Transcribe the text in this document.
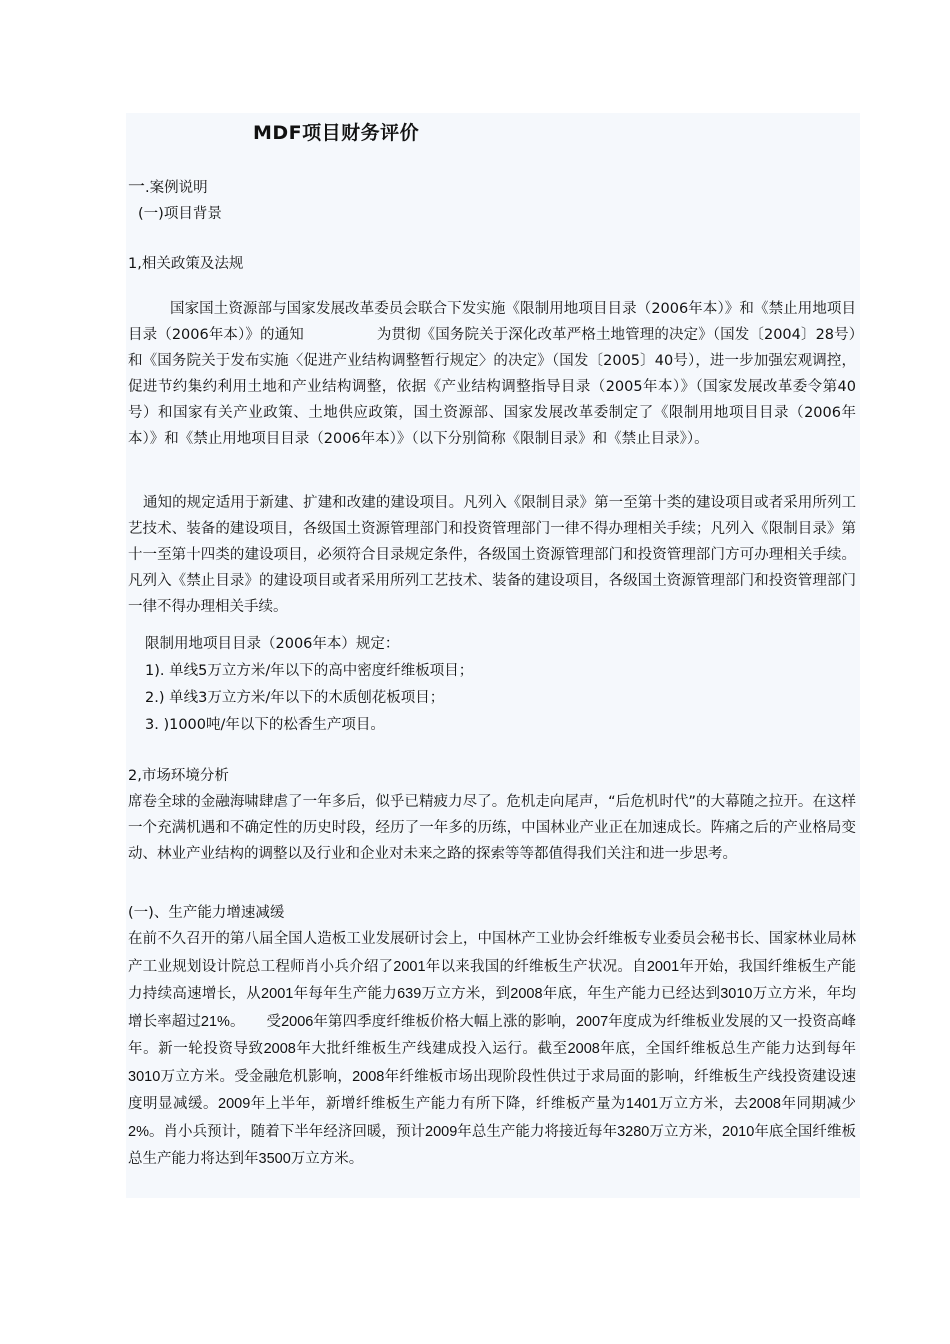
MDF项目财务评价
一.案例说明
(一)项目背景
1,相关政策及法规
国家国土资源部与国家发展改革委员会联合下发实施《限制用地项目目录（2006年本）》和《禁止用地项目目录（2006年本）》的通知　　　　　为贯彻《国务院关于深化改革严格土地管理的决定》（国发〔2004〕28号）和《国务院关于发布实施〈促进产业结构调整暂行规定〉的决定》（国发〔2005〕40号），进一步加强宏观调控，促进节约集约利用土地和产业结构调整，依据《产业结构调整指导目录（2005年本）》（国家发展改革委令第40号）和国家有关产业政策、土地供应政策，国土资源部、国家发展改革委制定了《限制用地项目目录（2006年本）》和《禁止用地项目目录（2006年本）》（以下分别简称《限制目录》和《禁止目录》）。
通知的规定适用于新建、扩建和改建的建设项目。凡列入《限制目录》第一至第十类的建设项目或者采用所列工艺技术、装备的建设项目，各级国土资源管理部门和投资管理部门一律不得办理相关手续；凡列入《限制目录》第十一至第十四类的建设项目，必须符合目录规定条件，各级国土资源管理部门和投资管理部门方可办理相关手续。凡列入《禁止目录》的建设项目或者采用所列工艺技术、装备的建设项目，各级国土资源管理部门和投资管理部门一律不得办理相关手续。
限制用地项目目录（2006年本）规定：
1). 单线5万立方米/年以下的高中密度纤维板项目；
2.) 单线3万立方米/年以下的木质刨花板项目；
3. )1000吨/年以下的松香生产项目。
2,市场环境分析
席卷全球的金融海啸肆虐了一年多后，似乎已精疲力尽了。危机走向尾声，“后危机时代”的大幕随之拉开。在这样一个充满机遇和不确定性的历史时段，经历了一年多的历练，中国林业产业正在加速成长。阵痛之后的产业格局变动、林业产业结构的调整以及行业和企业对未来之路的探索等等都值得我们关注和进一步思考。
(一)、生产能力增速减缓
在前不久召开的第八届全国人造板工业发展研讨会上，中国林产工业协会纤维板专业委员会秘书长、国家林业局林产工业规划设计院总工程师肖小兵介绍了2001年以来我国的纤维板生产状况。自2001年开始，我国纤维板生产能力持续高速增长，从2001年每年生产能力639万立方米，到2008年底，年生产能力已经达到3010万立方米，年均增长率超过21%。　　受2006年第四季度纤维板价格大幅上涨的影响，2007年度成为纤维板业发展的又一投资高峰年。新一轮投资导致2008年大批纤维板生产线建成投入运行。截至2008年底，全国纤维板总生产能力达到每年3010万立方米。受金融危机影响，2008年纤维板市场出现阶段性供过于求局面的影响，纤维板生产线投资建设速度明显减缓。2009年上半年，新增纤维板生产能力有所下降，纤维板产量为1401万立方米，去2008年同期减少2%。肖小兵预计，随着下半年经济回暖，预计2009年总生产能力将接近每年3280万立方米，2010年底全国纤维板总生产能力将达到年3500万立方米。
